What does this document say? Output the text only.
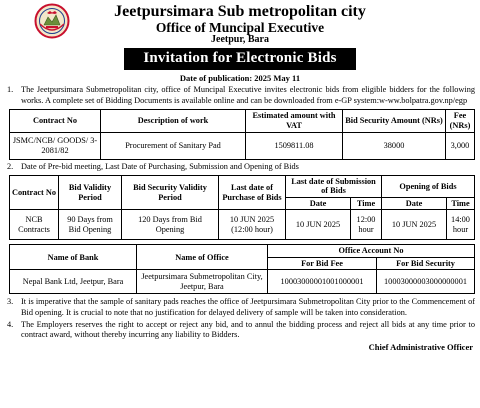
Jeetpursimara Sub metropolitan city
Office of Muncipal Executive
Jeetpur, Bara
Invitation for Electronic Bids
Date of publication: 2025 May 11

1. The Jeetpursimara Submetropolitan city, office of Muncipal Executive invites electronic bids from eligible bidders for the following works. A complete set of Bidding Documents is available online and can be downloaded from e-GP system:w-ww.bolpatra.gov.np/egp

Contract No	Description of work	Estimated amount with VAT	Bid Security Amount (NRs)	Fee (NRs)
JSMC/NCB/ GOODS/ 3-2081/82	Procurement of Sanitary Pad	1509811.08	38000	3,000

2. Date of Pre-bid meeting, Last Date of Purchasing, Submission and Opening of Bids

Contract No	Bid Validity Period	Bid Security Validity Period	Last date of Purchase of Bids	Last date of Submission of Bids		Opening of Bids	
				Date	Time	Date	Time
NCB Contracts	90 Days from Bid Opening	120 Days from Bid Opening	10 JUN 2025 (12:00 hour)	10 JUN 2025	12:00 hour	10 JUN 2025	14:00 hour
Name of Bank	Name of Office	Office Account No	
		For Bid Fee	For Bid Security
Nepal Bank Ltd, Jeetpur, Bara	Jeetpursimara Submetropolitan City, Jeetpur, Bara	10003000001001000001	10003000003000000001

3. It is imperative that the sample of sanitary pads reaches the office of Jeetpursimara Submetropolitan City prior to the Commencement of Bid opening. It is crucial to note that no justification for delayed delivery of sample will be taken into consideration.

4. The Employers reserves the right to accept or reject any bid, and to annul the bidding process and reject all bids at any time prior to contract award, without thereby incurring any liability to Bidders.

Chief Administrative Officer
